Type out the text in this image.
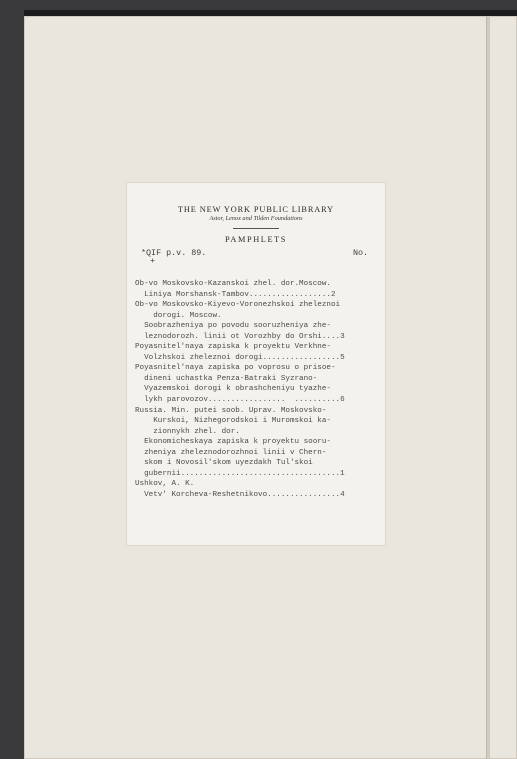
THE NEW YORK PUBLIC LIBRARY
Astor, Lenox and Tilden Foundations
PAMPHLETS
*QIF p.v. 89.	No.
+
Ob-vo Moskovsko-Kazanskoi zhel. dor.Moscow.
Liniya Morshansk-Tambov..................2
Ob-vo Moskovsko-Kiyevo-Voronezhskoi zheleznoi
dorogi. Moscow.
Soobrazheniya po povodu sooruzheniya zhe-
leznodorozh. linii ot Vorozhby do Orshi....3
Poyasnitel'naya zapiska k proyektu Verkhne-
Volzhskoi zheleznoi dorogi.................5
Poyasnitel'naya zapiska po voprosu o prisoe-
dineni uchastka Penza-Batraki Syzrano-
Vyazemskoi dorogi k obrashcheniyu tyazhe-
lykh parovozov.................  ..........6
Russia. Min. putei soob. Uprav. Moskovsko-
Kurskoi, Nizhegorodskoi i Muromskoi ka-
zionnykh zhel. dor.
Ekonomicheskaya zapiska k proyektu sooru-
zheniya zheleznodorozhnoi linii v Chern-
skom i Novosil'skom uyezdakh Tul'skoi
gubernii...................................1
Ushkov, A. K.
Vetv' Korcheva-Reshetnikovo................4
